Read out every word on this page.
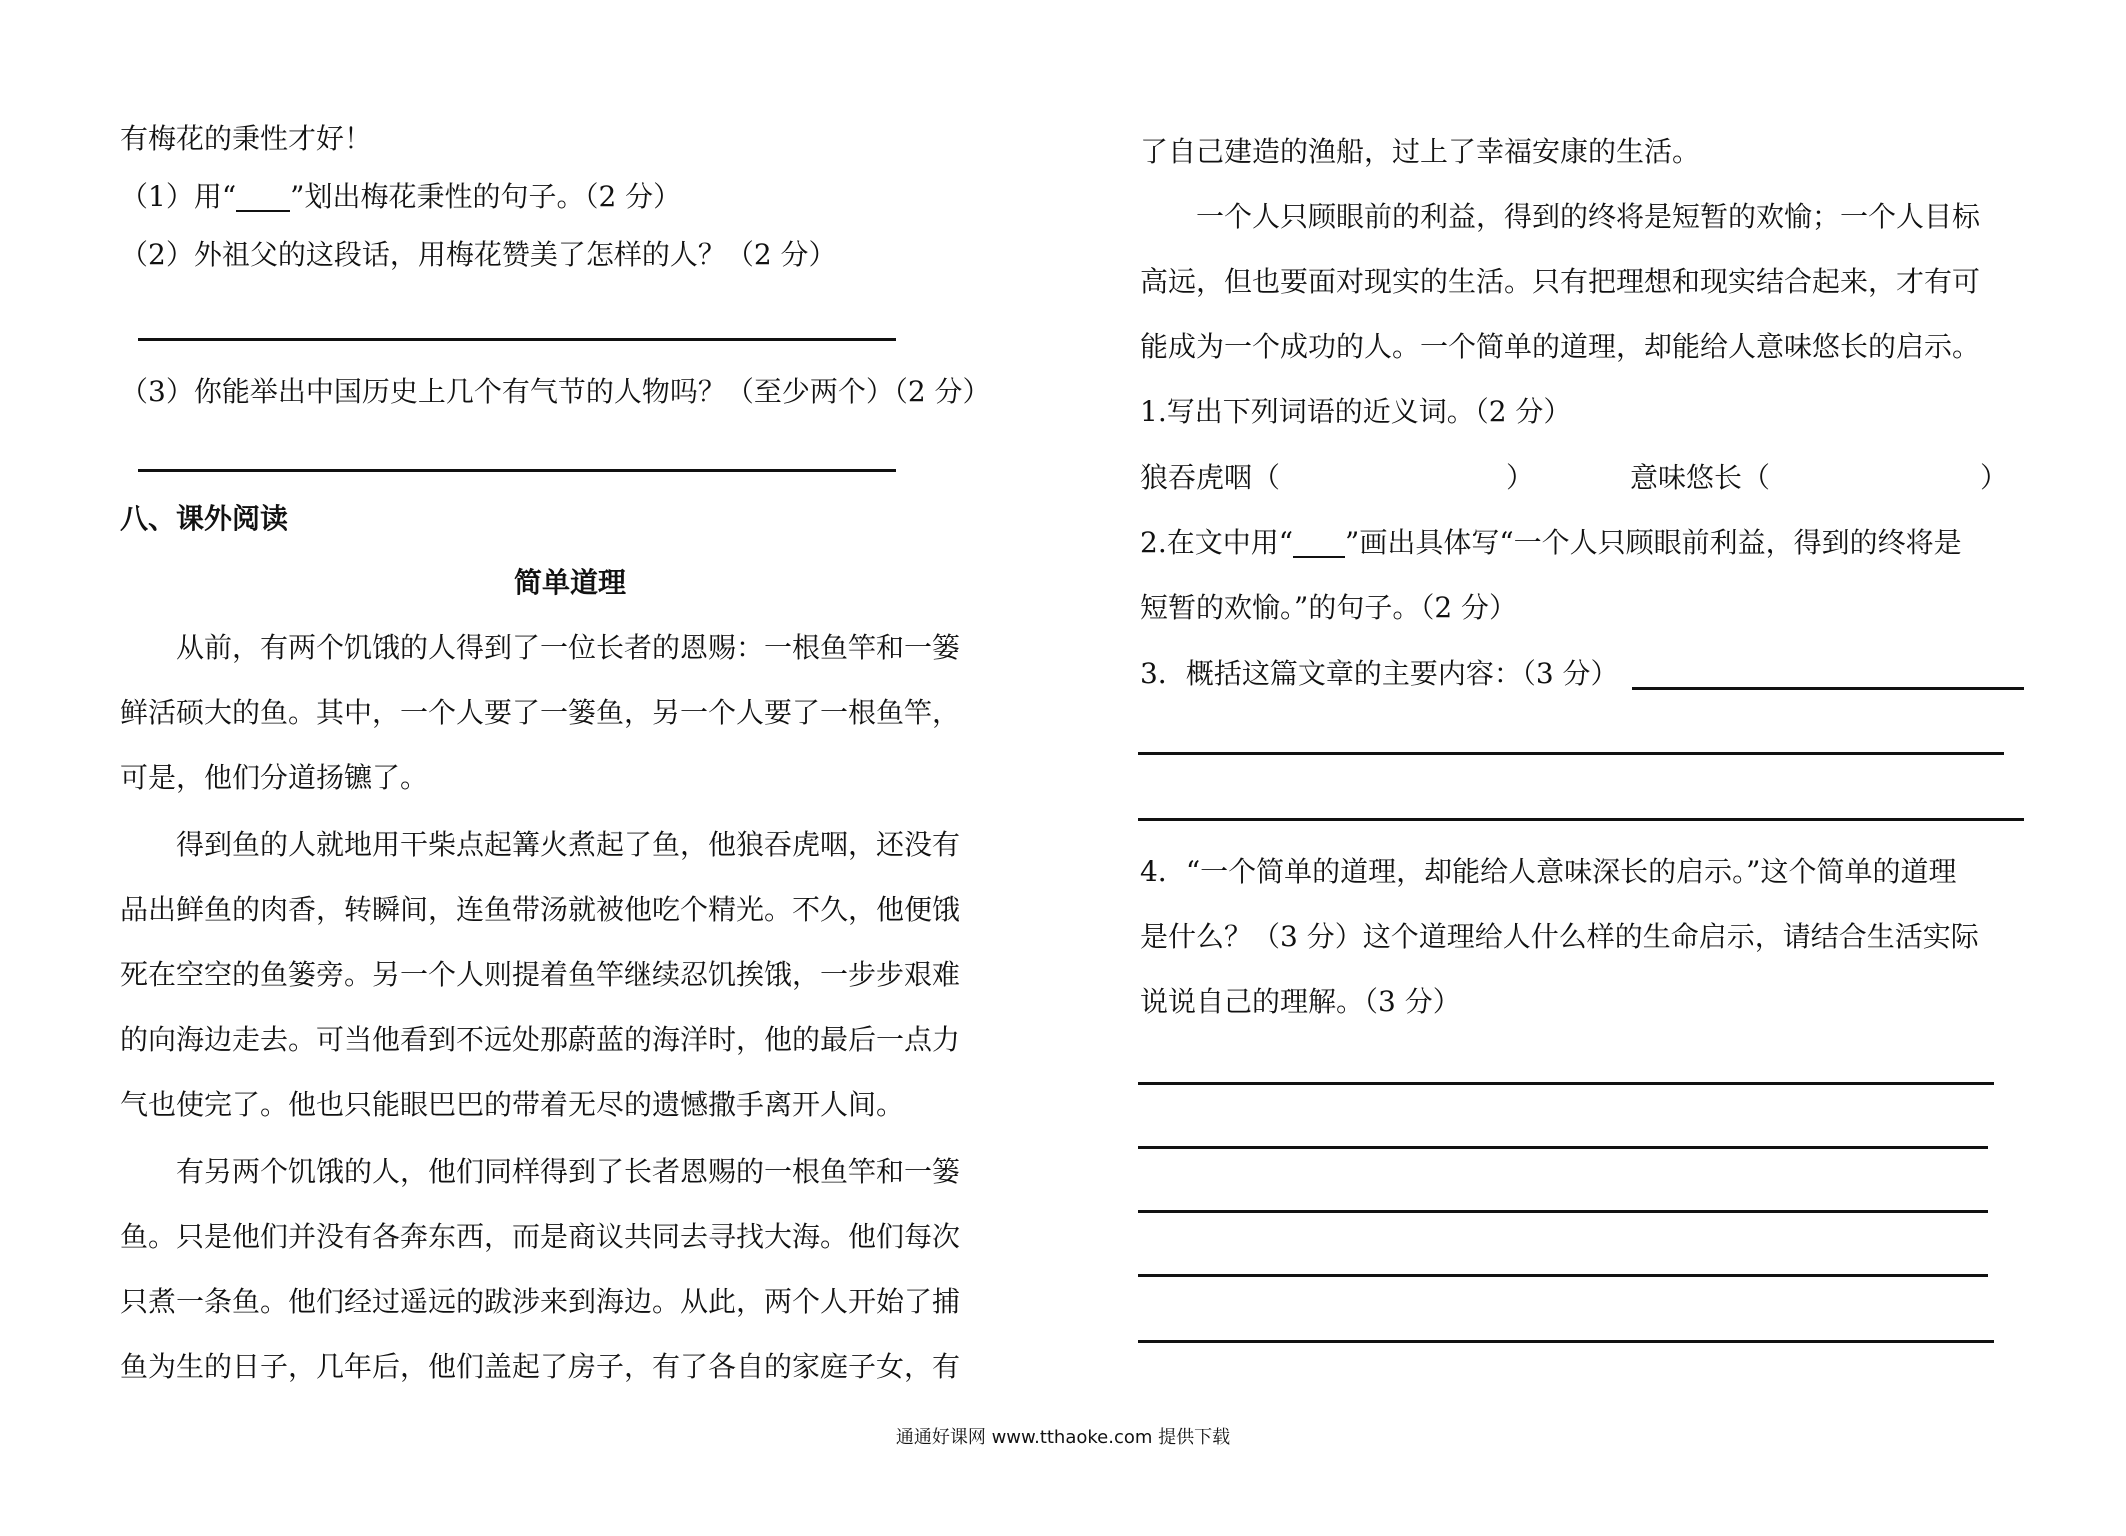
有梅花的秉性才好！
（1）用“ ”划出梅花秉性的句子。（2 分）
（2）外祖父的这段话，用梅花赞美了怎样的人？（2 分）
（3）你能举出中国历史上几个有气节的人物吗？（至少两个）（2 分）
八、课外阅读
简单道理
从前，有两个饥饿的人得到了一位长者的恩赐：一根鱼竿和一篓
鲜活硕大的鱼。其中，一个人要了一篓鱼，另一个人要了一根鱼竿，
可是，他们分道扬镳了。
得到鱼的人就地用干柴点起篝火煮起了鱼，他狼吞虎咽，还没有
品出鲜鱼的肉香，转瞬间，连鱼带汤就被他吃个精光。不久，他便饿
死在空空的鱼篓旁。另一个人则提着鱼竿继续忍饥挨饿，一步步艰难
的向海边走去。可当他看到不远处那蔚蓝的海洋时，他的最后一点力
气也使完了。他也只能眼巴巴的带着无尽的遗憾撒手离开人间。
有另两个饥饿的人，他们同样得到了长者恩赐的一根鱼竿和一篓
鱼。只是他们并没有各奔东西，而是商议共同去寻找大海。他们每次
只煮一条鱼。他们经过遥远的跋涉来到海边。从此，两个人开始了捕
鱼为生的日子，几年后，他们盖起了房子，有了各自的家庭子女，有
了自己建造的渔船，过上了幸福安康的生活。
一个人只顾眼前的利益，得到的终将是短暂的欢愉；一个人目标
高远，但也要面对现实的生活。只有把理想和现实结合起来，才有可
能成为一个成功的人。一个简单的道理，却能给人意味悠长的启示。
1.写出下列词语的近义词。（2 分）
狼吞虎咽（	）	意味悠长（	）
2.在文中用“ ”画出具体写“一个人只顾眼前利益，得到的终将是
短暂的欢愉。”的句子。（2 分）
3．概括这篇文章的主要内容：（3 分）
4．“一个简单的道理，却能给人意味深长的启示。”这个简单的道理
是什么？（3 分）这个道理给人什么样的生命启示，请结合生活实际
说说自己的理解。（3 分）
通通好课网 www.tthaoke.com 提供下载
